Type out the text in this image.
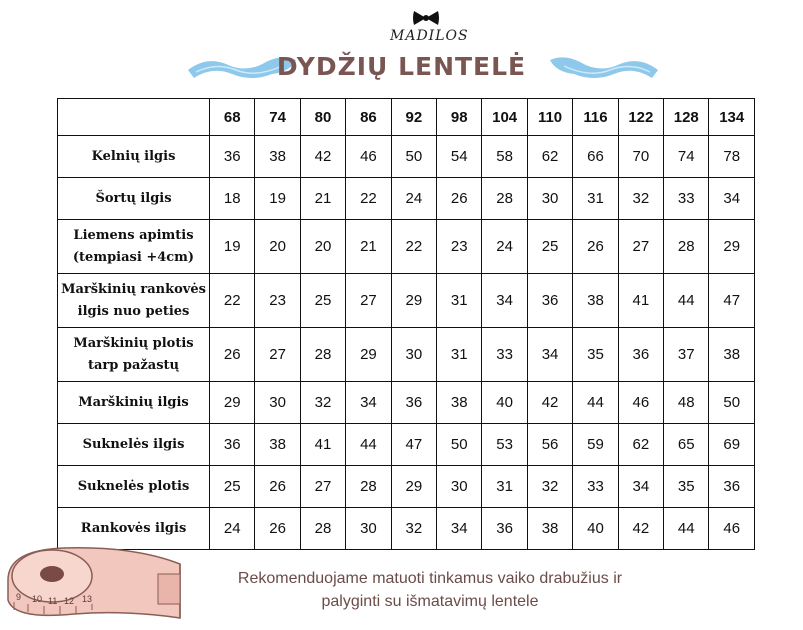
MADILOS
DYDŽIŲ LENTELĖ
	68	74	80	86	92	98	104	110	116	122	128	134

Kelnių ilgis	36	38	42	46	50	54	58	62	66	70	74	78

Šortų ilgis	18	19	21	22	24	26	28	30	31	32	33	34

Liemens apimtis
(tempiasi +4cm)	19	20	20	21	22	23	24	25	26	27	28	29

Marškinių rankovės
ilgis nuo peties	22	23	25	27	29	31	34	36	38	41	44	47

Marškinių plotis
tarp pažastų	26	27	28	29	30	31	33	34	35	36	37	38

Marškinių ilgis	29	30	32	34	36	38	40	42	44	46	48	50

Suknelės ilgis	36	38	41	44	47	50	53	56	59	62	65	69

Suknelės plotis	25	26	27	28	29	30	31	32	33	34	35	36

Rankovės ilgis	24	26	28	30	32	34	36	38	40	42	44	46
9 10 11 12 13
Rekomenduojame matuoti tinkamus vaiko drabužius ir
palyginti su išmatavimų lentele
